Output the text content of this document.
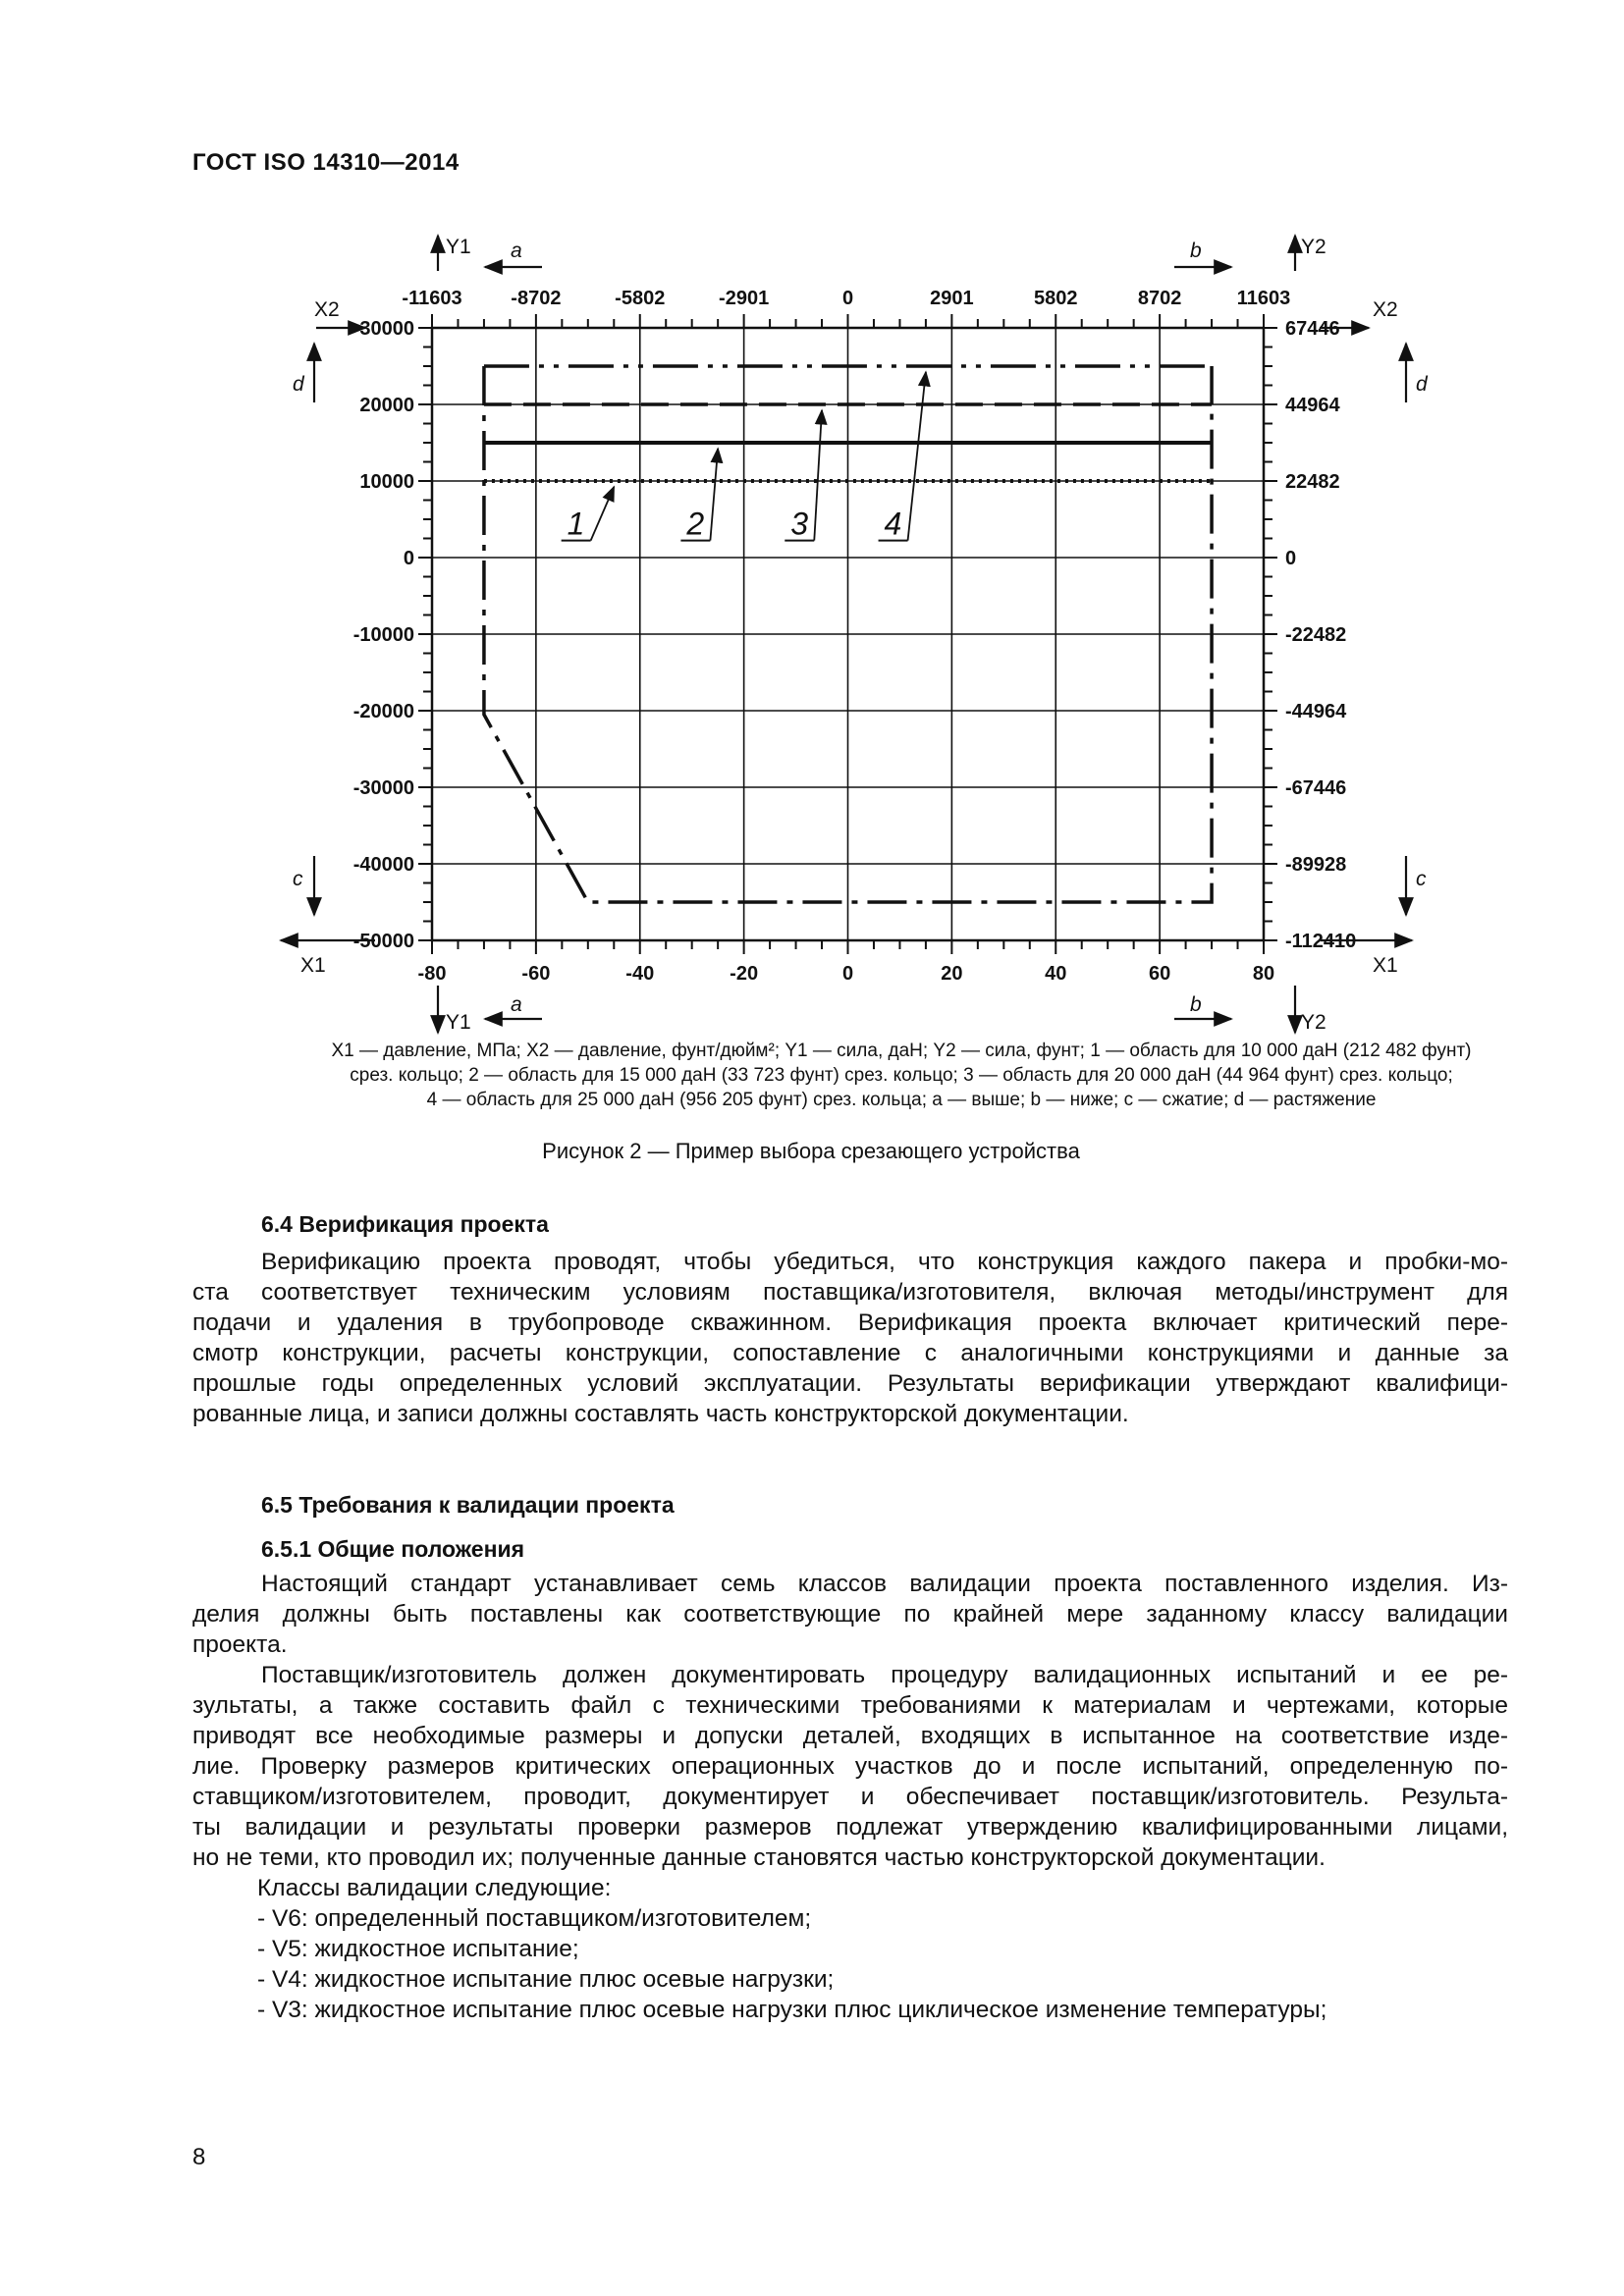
ГОСТ ISO 14310—2014
1	2	3 4
-80	-60	-40	-20	0	20	40	60	80
-11603 -8702	-5802	-2901	0	2901	5802	8702	11603
30000
20000
10000
0
-10000
-20000
-30000
-40000
-50000
67446
44964
22482
0
-22482
-44964
-67446
-89928
-112410
Y1
Y1
a
a
Y2
Y2
b
b
X2	X2
X1	X1
d	d
c	c
X1 — давление, МПа; X2 — давление, фунт/дюйм²; Y1 — сила, даН; Y2 — сила, фунт; 1 — область для 10 000 даН (212 482 фунт)
срез. кольцо; 2 — область для 15 000 даН (33 723 фунт) срез. кольцо; 3 — область для 20 000 даН (44 964 фунт) срез. кольцо;
4 — область для 25 000 даН (956 205 фунт) срез. кольца; a — выше; b — ниже; c — сжатие; d — растяжение
Рисунок 2 — Пример выбора срезающего устройства
6.4 Верификация проекта
Верификацию проекта проводят, чтобы убедиться, что конструкция каждого пакера и пробки-мо-
ста соответствует техническим условиям поставщика/изготовителя, включая методы/инструмент для
подачи и удаления в трубопроводе скважинном. Верификация проекта включает критический пере-
смотр конструкции, расчеты конструкции, сопоставление с аналогичными конструкциями и данные за
прошлые годы определенных условий эксплуатации. Результаты верификации утверждают квалифици-
рованные лица, и записи должны составлять часть конструкторской документации.
6.5 Требования к валидации проекта
6.5.1 Общие положения
Настоящий стандарт устанавливает семь классов валидации проекта поставленного изделия. Из-
делия должны быть поставлены как соответствующие по крайней мере заданному классу валидации
проекта.
Поставщик/изготовитель должен документировать процедуру валидационных испытаний и ее ре-
зультаты, а также составить файл с техническими требованиями к материалам и чертежами, которые
приводят все необходимые размеры и допуски деталей, входящих в испытанное на соответствие изде-
лие. Проверку размеров критических операционных участков до и после испытаний, определенную по-
ставщиком/изготовителем, проводит, документирует и обеспечивает поставщик/изготовитель. Результа-
ты валидации и результаты проверки размеров подлежат утверждению квалифицированными лицами,
но не теми, кто проводил их; полученные данные становятся частью конструкторской документации.
Классы валидации следующие:
- V6: определенный поставщиком/изготовителем;
- V5: жидкостное испытание;
- V4: жидкостное испытание плюс осевые нагрузки;
- V3: жидкостное испытание плюс осевые нагрузки плюс циклическое изменение температуры;
8
